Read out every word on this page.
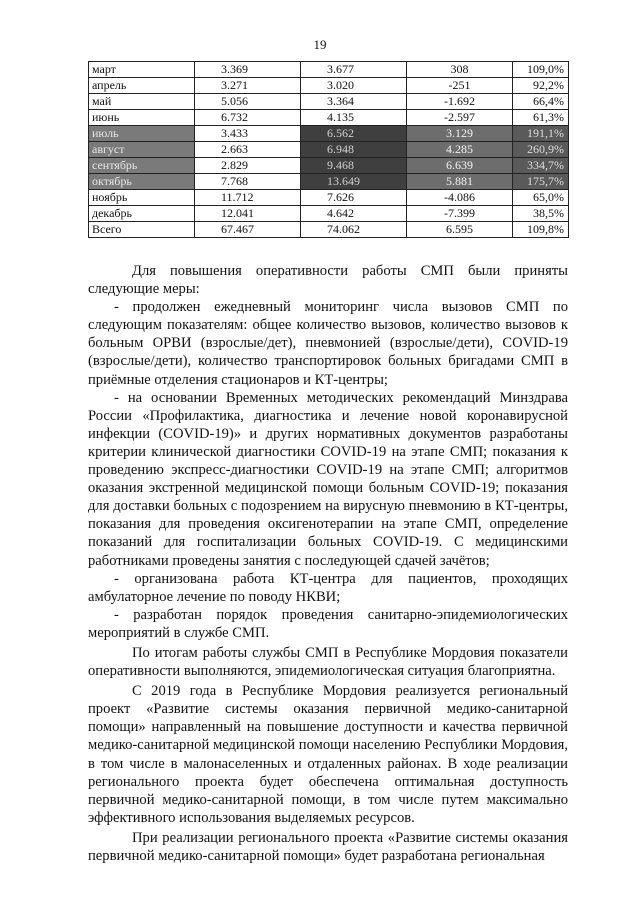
19
март	3.369	3.677	308	109,0%
апрель	3.271	3.020	-251	92,2%
май	5.056	3.364	-1.692	66,4%
июнь	6.732	4.135	-2.597	61,3%
июль	3.433	6.562	3.129	191,1%
август	2.663	6.948	4.285	260,9%
сентябрь	2.829	9.468	6.639	334,7%
октябрь	7.768	13.649	5.881	175,7%
ноябрь	11.712	7.626	-4.086	65,0%
декабрь	12.041	4.642	-7.399	38,5%
Всего	67.467	74.062	6.595	109,8%

Для повышения оперативности работы СМП были приняты следующие меры:

- продолжен ежедневный мониторинг числа вызовов СМП по следующим показателям: общее количество вызовов, количество вызовов к больным ОРВИ (взрослые/дет), пневмонией (взрослые/дети), COVID-19 (взрослые/дети), количество транспортировок больных бригадами СМП в приёмные отделения стационаров и КТ-центры;

- на основании Временных методических рекомендаций Минздрава России «Профилактика, диагностика и лечение новой коронавирусной инфекции (COVID-19)» и других нормативных документов разработаны критерии клинической диагностики COVID-19 на этапе СМП; показания к проведению экспресс-диагностики COVID-19 на этапе СМП; алгоритмов оказания экстренной медицинской помощи больным COVID-19; показания для доставки больных с подозрением на вирусную пневмонию в КТ-центры, показания для проведения оксигенотерапии на этапе СМП, определение показаний для госпитализации больных COVID-19. С медицинскими работниками проведены занятия с последующей сдачей зачётов;

- организована работа КТ-центра для пациентов, проходящих амбулаторное лечение по поводу НКВИ;

- разработан порядок проведения санитарно-эпидемиологических мероприятий в службе СМП.

По итогам работы службы СМП в Республике Мордовия показатели оперативности выполняются, эпидемиологическая ситуация благоприятна.

С 2019 года в Республике Мордовия реализуется региональный проект «Развитие системы оказания первичной медико-санитарной помощи» направленный на повышение доступности и качества первичной медико-санитарной медицинской помощи населению Республики Мордовия, в том числе в малонаселенных и отдаленных районах. В ходе реализации регионального проекта будет обеспечена оптимальная доступность первичной медико-санитарной помощи, в том числе путем максимально эффективного использования выделяемых ресурсов.

При реализации регионального проекта «Развитие системы оказания первичной медико-санитарной помощи» будет разработана региональная
